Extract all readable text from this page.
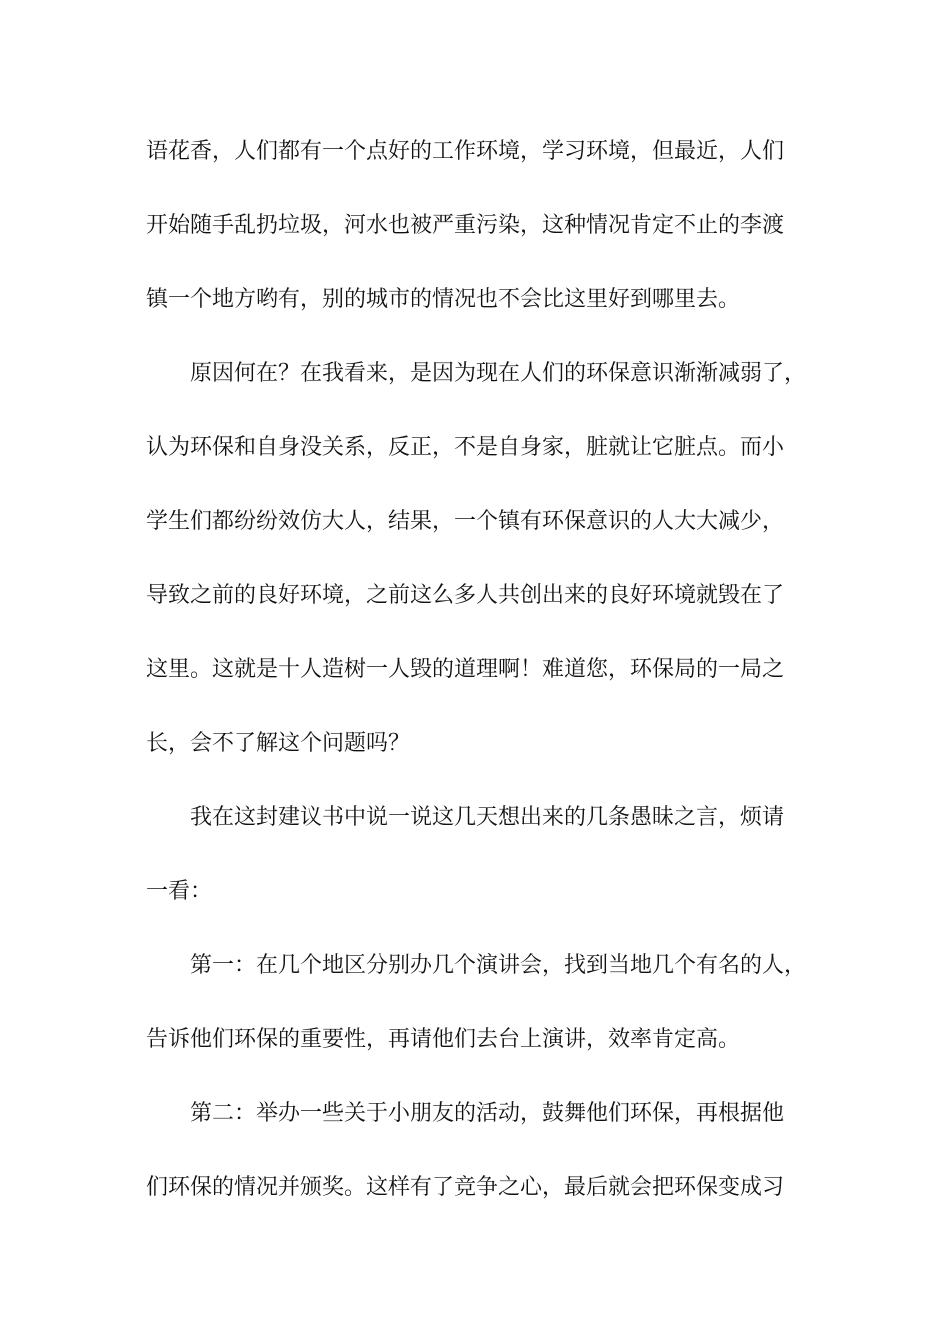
语花香，人们都有一个点好的工作环境，学习环境，但最近，人们
开始随手乱扔垃圾，河水也被严重污染，这种情况肯定不止的李渡
镇一个地方哟有，别的城市的情况也不会比这里好到哪里去。
原因何在？在我看来，是因为现在人们的环保意识渐渐减弱了，
认为环保和自身没关系，反正，不是自身家，脏就让它脏点。而小
学生们都纷纷效仿大人，结果，一个镇有环保意识的人大大减少，
导致之前的良好环境，之前这么多人共创出来的良好环境就毁在了
这里。这就是十人造树一人毁的道理啊！难道您，环保局的一局之
长，会不了解这个问题吗？
我在这封建议书中说一说这几天想出来的几条愚昧之言，烦请
一看：
第一：在几个地区分别办几个演讲会，找到当地几个有名的人，
告诉他们环保的重要性，再请他们去台上演讲，效率肯定高。
第二：举办一些关于小朋友的活动，鼓舞他们环保，再根据他
们环保的情况并颁奖。这样有了竞争之心，最后就会把环保变成习
